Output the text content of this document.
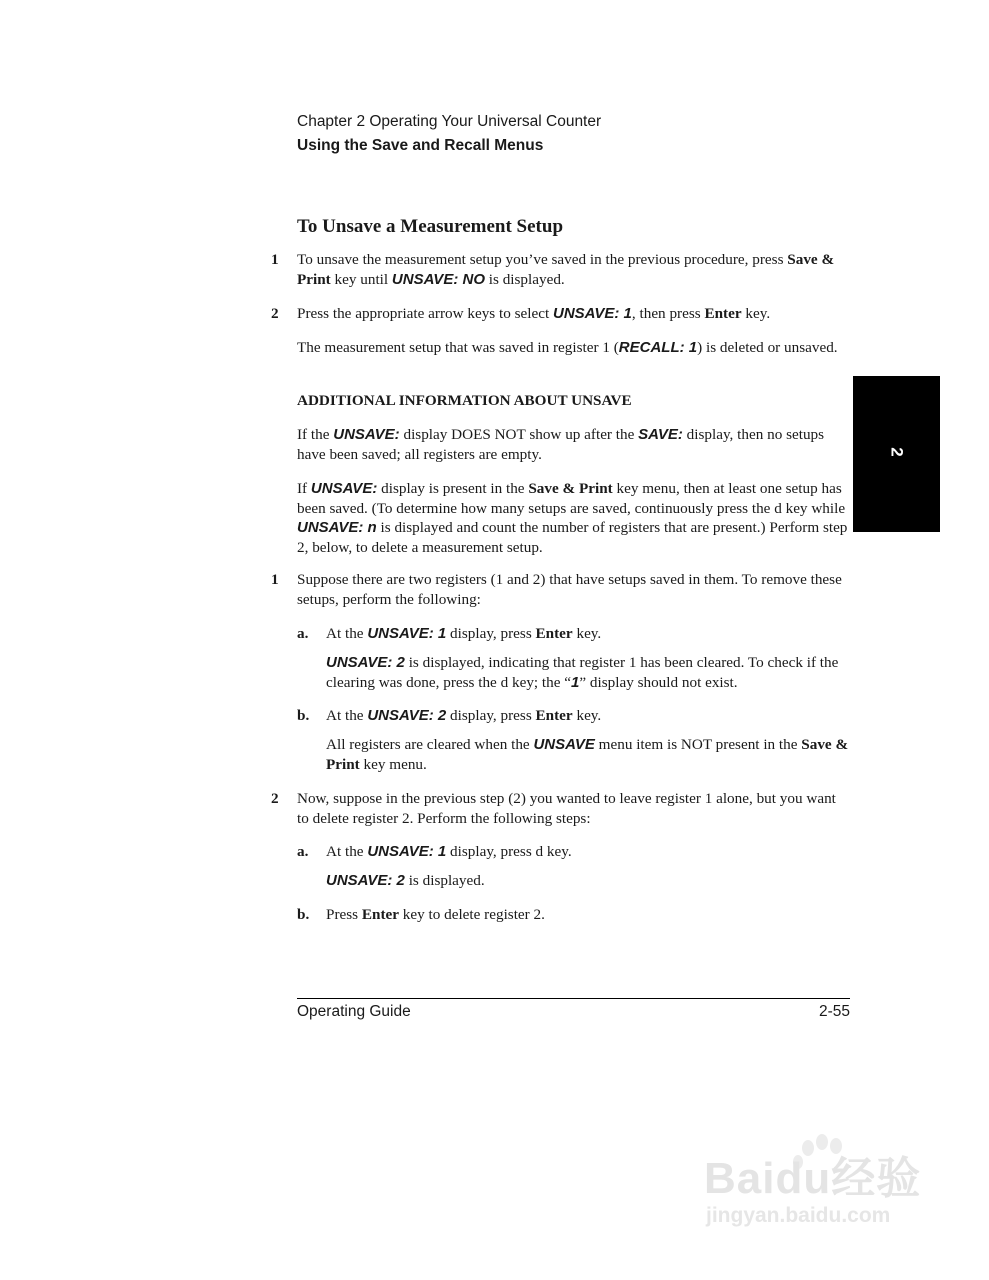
Chapter 2 Operating Your Universal Counter
Using the Save and Recall Menus
To Unsave a Measurement Setup
1 To unsave the measurement setup you’ve saved in the previous procedure, press Save & Print key until UNSAVE: NO is displayed.
2 Press the appropriate arrow keys to select UNSAVE: 1, then press Enter key.
The measurement setup that was saved in register 1 (RECALL: 1) is deleted or unsaved.
ADDITIONAL INFORMATION ABOUT UNSAVE
If the UNSAVE: display DOES NOT show up after the SAVE: display, then no setups have been saved; all registers are empty.
If UNSAVE: display is present in the Save & Print key menu, then at least one setup has been saved. (To determine how many setups are saved, continuously press the d key while UNSAVE: n is displayed and count the number of registers that are present.) Perform step 2, below, to delete a measurement setup.
1 Suppose there are two registers (1 and 2) that have setups saved in them. To remove these setups, perform the following:
a. At the UNSAVE: 1 display, press Enter key.
UNSAVE: 2 is displayed, indicating that register 1 has been cleared. To check if the clearing was done, press the d key; the “1” display should not exist.
b. At the UNSAVE: 2 display, press Enter key.
All registers are cleared when the UNSAVE menu item is NOT present in the Save & Print key menu.
2 Now, suppose in the previous step (2) you wanted to leave register 1 alone, but you want to delete register 2. Perform the following steps:
a. At the UNSAVE: 1 display, press d key.
UNSAVE: 2 is displayed.
b. Press Enter key to delete register 2.
2
Operating Guide	2-55
Baidu经验
jingyan.baidu.com
